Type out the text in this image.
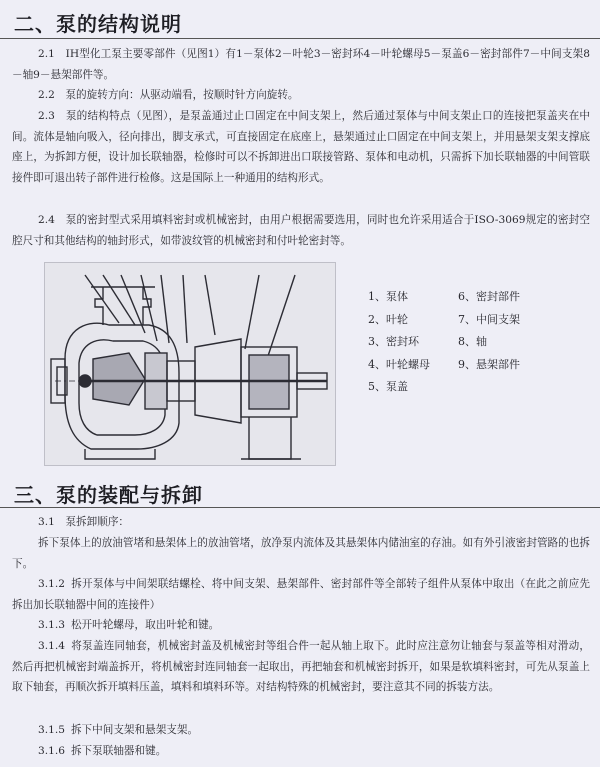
二、泵的结构说明
2.1　IH型化工泵主要零部件（见图1）有1－泵体2－叶轮3－密封环4－叶轮螺母5－泵盖6－密封部件7－中间支架8－轴9－悬架部件等。
2.2　泵的旋转方向：从驱动端看，按顺时针方向旋转。
2.3　泵的结构特点（见图），是泵盖通过止口固定在中间支架上，然后通过泵体与中间支架止口的连接把泵盖夹在中间。流体是轴向吸入，径向排出，脚支承式，可直接固定在底座上，悬架通过止口固定在中间支架上，并用悬架支架支撑底座上，为拆卸方便，设计加长联轴器，检修时可以不拆卸进出口联接管路、泵体和电动机，只需拆下加长联轴器的中间管联接件即可退出转子部件进行检修。这是国际上一种通用的结构形式。
2.4　泵的密封型式采用填料密封或机械密封，由用户根据需要选用，同时也允许采用适合于ISO-3069规定的密封空腔尺寸和其他结构的轴封形式，如带波纹管的机械密封和付叶轮密封等。
1、泵体	6、密封部件
2、叶轮	7、中间支架
3、密封环	8、轴
4、叶轮螺母	9、悬架部件
5、泵盖
三、泵的装配与拆卸
3.1　泵拆卸顺序：
拆下泵体上的放油管堵和悬架体上的放油管堵，放净泵内流体及其悬架体内储油室的存油。如有外引液密封管路的也拆下。
3.1.2 拆开泵体与中间架联结螺栓、将中间支架、悬架部件、密封部件等全部转子组件从泵体中取出（在此之前应先拆出加长联轴器中间的连接件）
3.1.3 松开叶轮螺母，取出叶轮和键。
3.1.4 将泵盖连同轴套，机械密封盖及机械密封等组合件一起从轴上取下。此时应注意勿让轴套与泵盖等相对滑动，然后再把机械密封端盖拆开，将机械密封连同轴套一起取出，再把轴套和机械密封拆开，如果是软填料密封，可先从泵盖上取下轴套，再顺次拆开填料压盖，填料和填料环等。对结构特殊的机械密封，要注意其不同的拆装方法。
3.1.5 拆下中间支架和悬架支架。
3.1.6 拆下泵联轴器和键。
